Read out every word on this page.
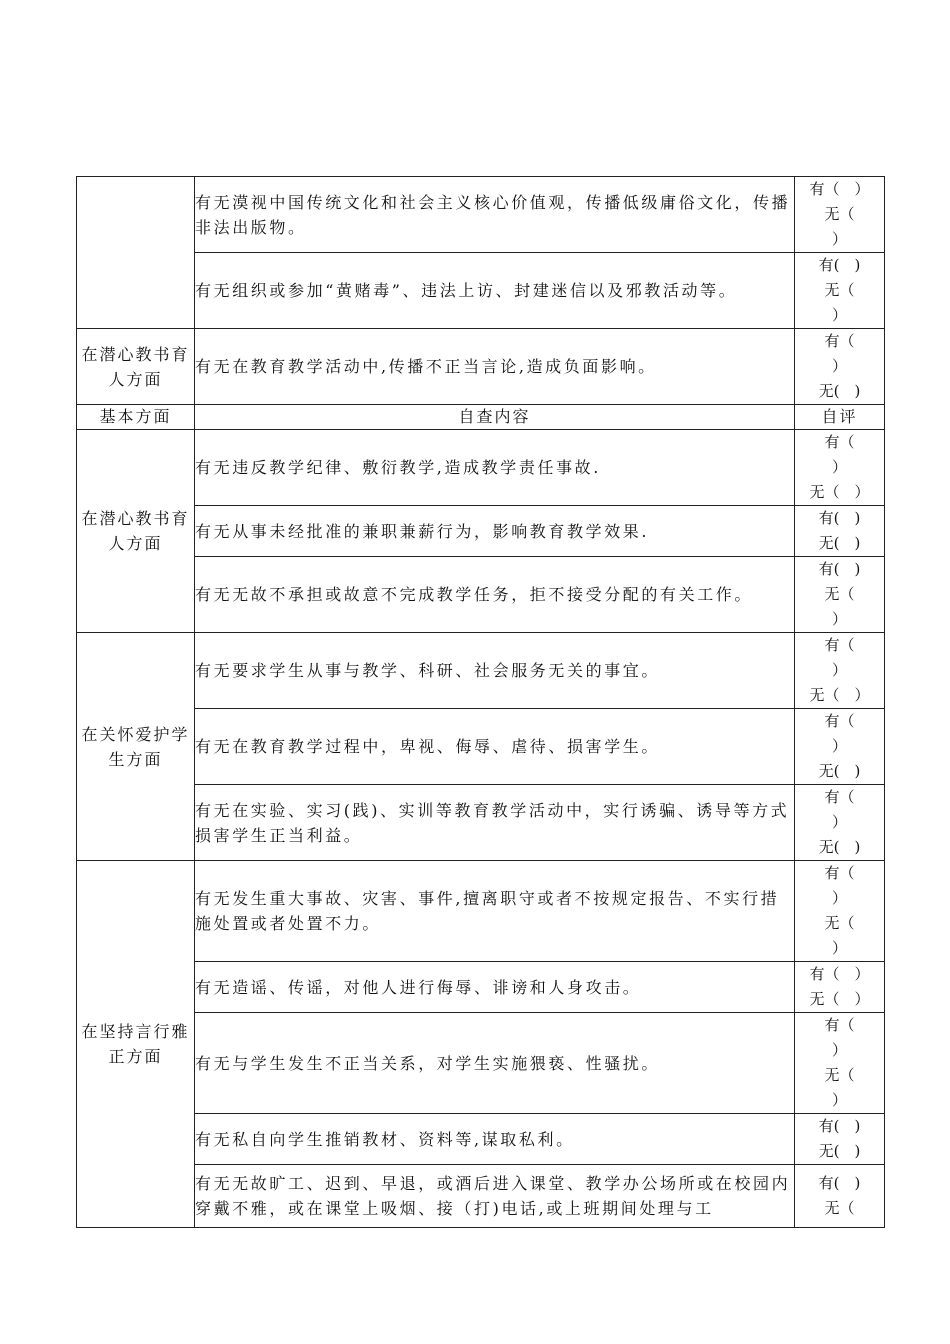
	有无漠视中国传统文化和社会主义核心价值观，传播低级庸俗文化，传播非法出版物。	有（　）
无（
）

	有无组织或参加“黄赌毒”、违法上访、封建迷信以及邪教活动等。	有(　)
无（
）

在潜心教书育人方面	有无在教育教学活动中,传播不正当言论,造成负面影响。	有（
）
无(　)

基本方面	自查内容	自评
在潜心教书育人方面	有无违反教学纪律、敷衍教学,造成教学责任事故.	有（
）
无（　）

	有无从事未经批准的兼职兼薪行为，影响教育教学效果.	有(　)
无(　)

	有无无故不承担或故意不完成教学任务，拒不接受分配的有关工作。	有(　)
无（
）

在关怀爱护学生方面	有无要求学生从事与教学、科研、社会服务无关的事宜。	有（
）
无（　）

	有无在教育教学过程中，卑视、侮辱、虐待、损害学生。	有（
）
无(　)

	有无在实验、实习(践)、实训等教育教学活动中，实行诱骗、诱导等方式损害学生正当利益。	有（
）
无(　)

在坚持言行雅正方面	有无发生重大事故、灾害、事件,擅离职守或者不按规定报告、不实行措施处置或者处置不力。	有（
）
无（
）

	有无造谣、传谣，对他人进行侮辱、诽谤和人身攻击。	有（　）
无（　）

	有无与学生发生不正当关系，对学生实施猥亵、性骚扰。	有（
）
无（
）

	有无私自向学生推销教材、资料等,谋取私利。	有(　)
无(　)

	有无无故旷工、迟到、早退，或酒后进入课堂、教学办公场所或在校园内穿戴不雅，或在课堂上吸烟、接（打)电话,或上班期间处理与工	有(　)
无（
